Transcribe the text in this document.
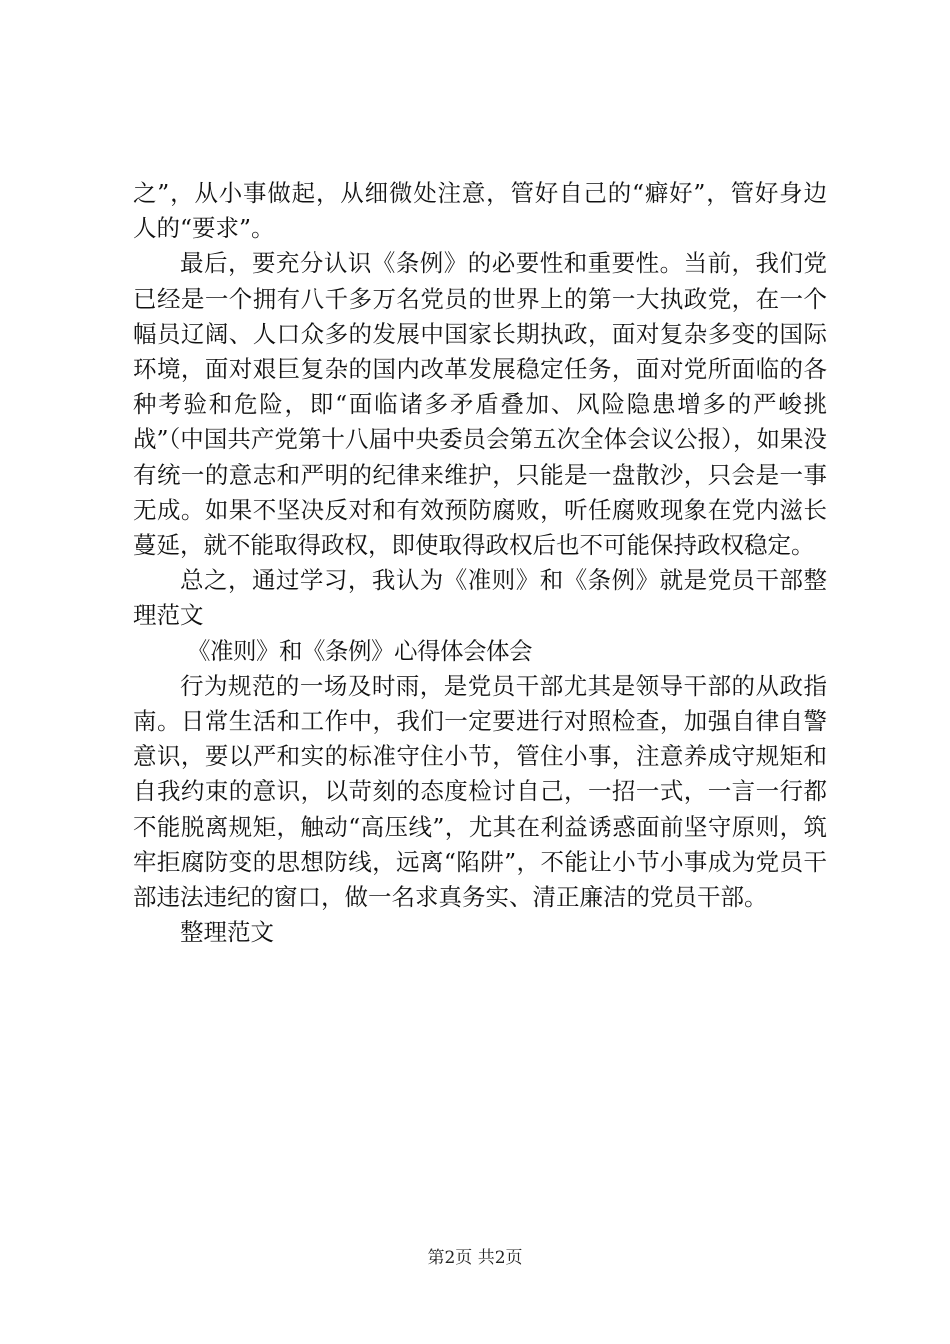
之”，从小事做起，从细微处注意，管好自己的“癖好”，管好身边人的“要求”。

最后，要充分认识《条例》的必要性和重要性。当前，我们党已经是一个拥有八千多万名党员的世界上的第一大执政党，在一个幅员辽阔、人口众多的发展中国家长期执政，面对复杂多变的国际环境，面对艰巨复杂的国内改革发展稳定任务，面对党所面临的各种考验和危险，即“面临诸多矛盾叠加、风险隐患增多的严峻挑战”（中国共产党第十八届中央委员会第五次全体会议公报），如果没有统一的意志和严明的纪律来维护，只能是一盘散沙，只会是一事无成。如果不坚决反对和有效预防腐败，听任腐败现象在党内滋长蔓延，就不能取得政权，即使取得政权后也不可能保持政权稳定。

总之，通过学习，我认为《准则》和《条例》就是党员干部整理范文

《准则》和《条例》心得体会体会

行为规范的一场及时雨，是党员干部尤其是领导干部的从政指南。日常生活和工作中，我们一定要进行对照检查，加强自律自警意识，要以严和实的标准守住小节，管住小事，注意养成守规矩和自我约束的意识，以苛刻的态度检讨自己，一招一式，一言一行都不能脱离规矩，触动“高压线”，尤其在利益诱惑面前坚守原则，筑牢拒腐防变的思想防线，远离“陷阱”，不能让小节小事成为党员干部违法违纪的窗口，做一名求真务实、清正廉洁的党员干部。

整理范文

第2页 共2页
